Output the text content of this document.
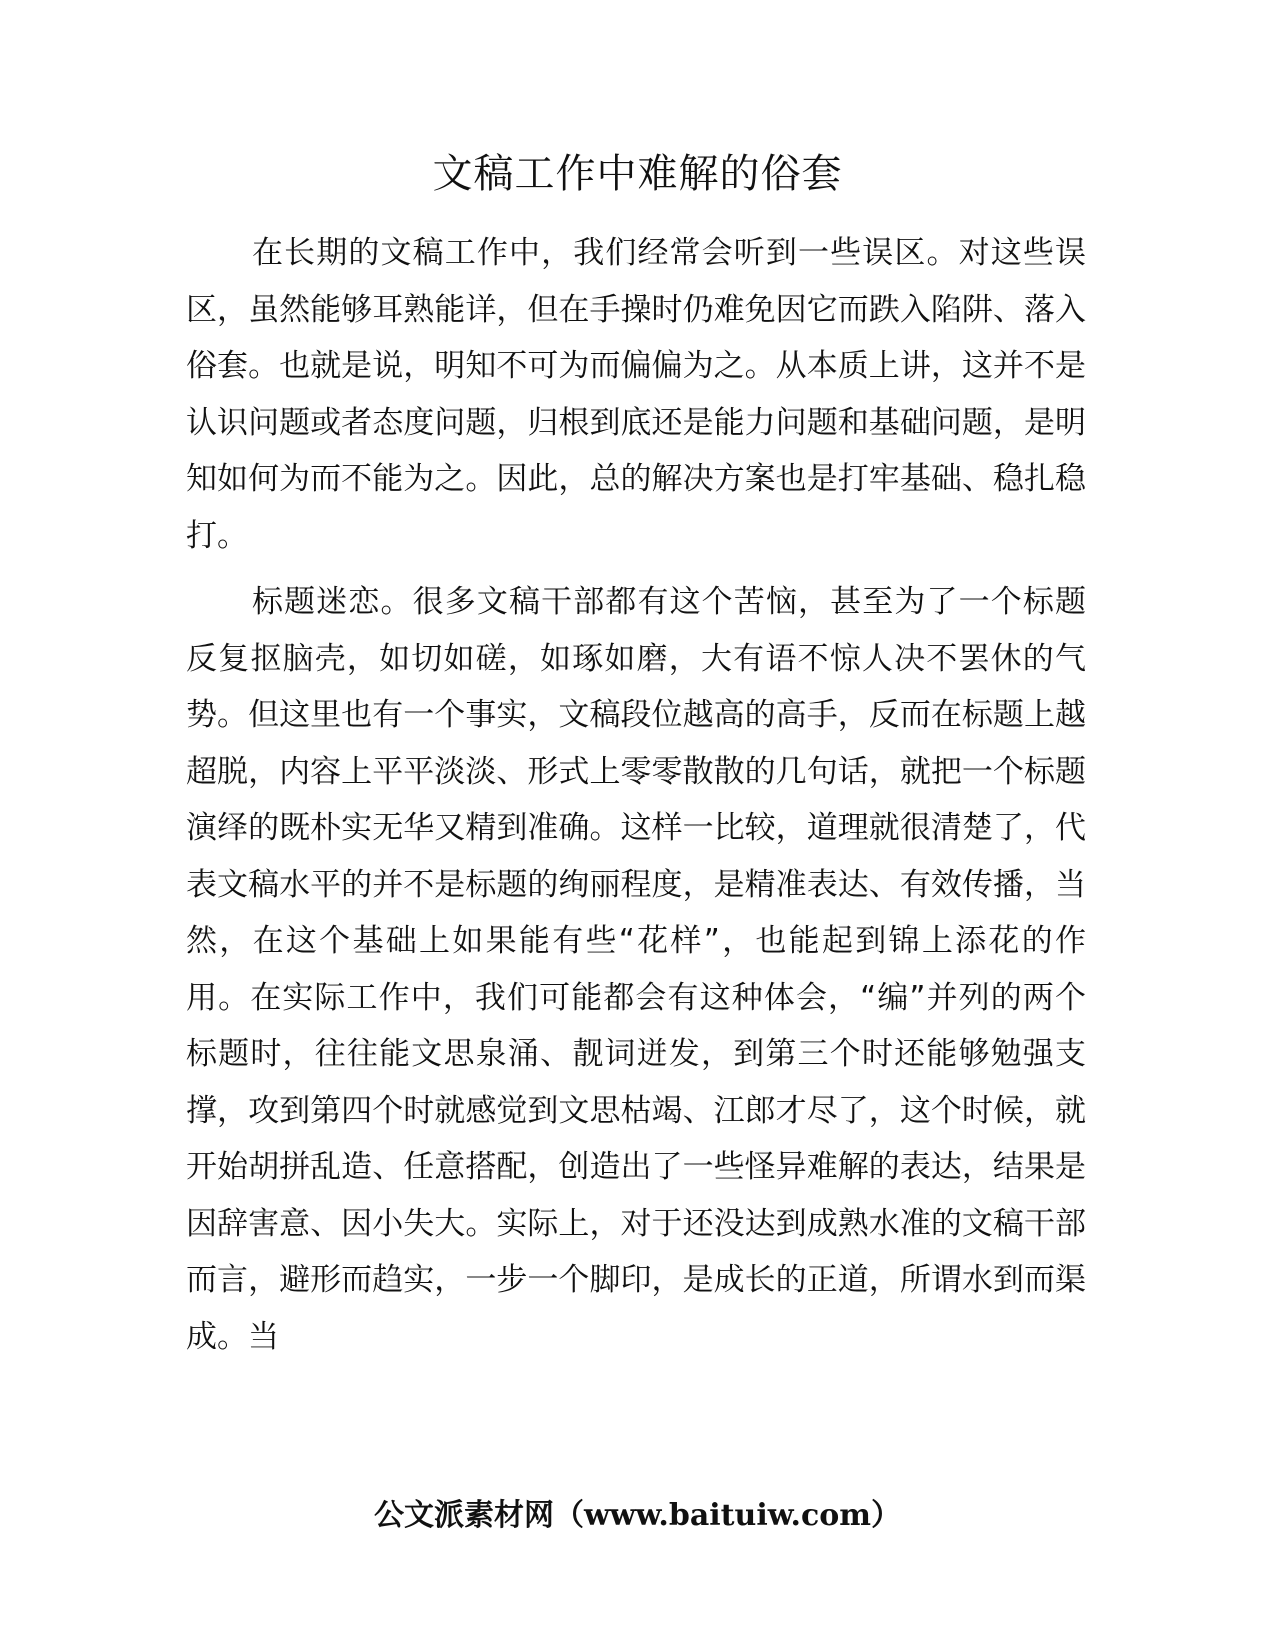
文稿工作中难解的俗套

在长期的文稿工作中，我们经常会听到一些误区。对这些误区，虽然能够耳熟能详，但在手操时仍难免因它而跌入陷阱、落入俗套。也就是说，明知不可为而偏偏为之。从本质上讲，这并不是认识问题或者态度问题，归根到底还是能力问题和基础问题，是明知如何为而不能为之。因此，总的解决方案也是打牢基础、稳扎稳打。

标题迷恋。很多文稿干部都有这个苦恼，甚至为了一个标题反复抠脑壳，如切如磋，如琢如磨，大有语不惊人决不罢休的气势。但这里也有一个事实，文稿段位越高的高手，反而在标题上越超脱，内容上平平淡淡、形式上零零散散的几句话，就把一个标题演绎的既朴实无华又精到准确。这样一比较，道理就很清楚了，代表文稿水平的并不是标题的绚丽程度，是精准表达、有效传播，当然，在这个基础上如果能有些“花样”，也能起到锦上添花的作用。在实际工作中，我们可能都会有这种体会，“编”并列的两个标题时，往往能文思泉涌、靓词迸发，到第三个时还能够勉强支撑，攻到第四个时就感觉到文思枯竭、江郎才尽了，这个时候，就开始胡拼乱造、任意搭配，创造出了一些怪异难解的表达，结果是因辞害意、因小失大。实际上，对于还没达到成熟水准的文稿干部而言，避形而趋实，一步一个脚印，是成长的正道，所谓水到而渠成。当

公文派素材网（www.baituiw.com）
